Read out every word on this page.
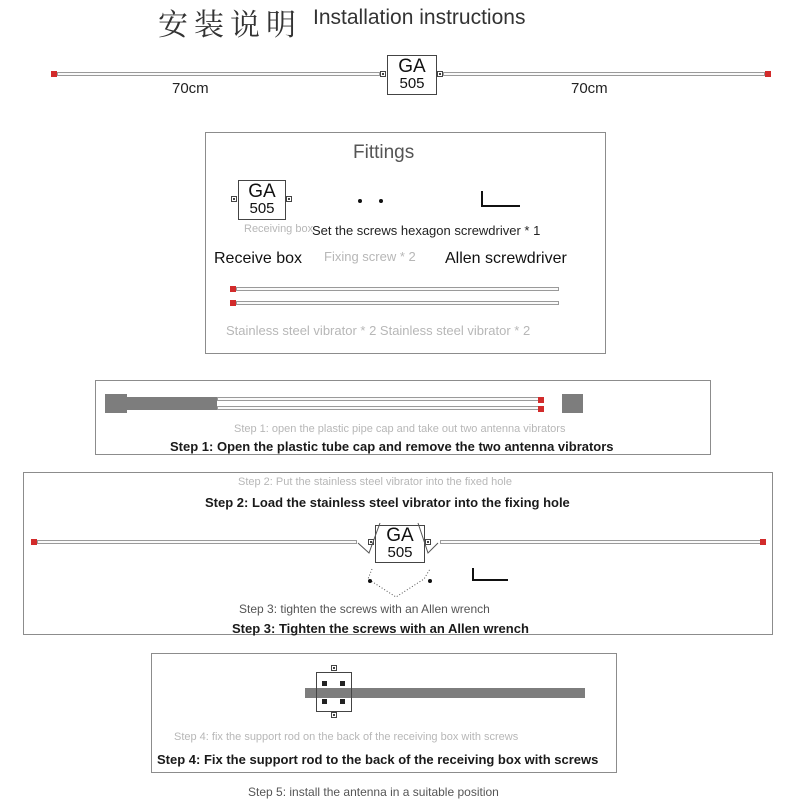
安装说明 Installation instructions
GA
505
70cm	70cm
Fittings
GA
505
Receiving box
Set the screws hexagon screwdriver * 1
Receive box Fixing screw * 2 Allen screwdriver
Stainless steel vibrator * 2 Stainless steel vibrator * 2
Step 1: open the plastic pipe cap and take out two antenna vibrators
Step 1: Open the plastic tube cap and remove the two antenna vibrators
Step 2: Put the stainless steel vibrator into the fixed hole
Step 2: Load the stainless steel vibrator into the fixing hole
GA
505
Step 3: tighten the screws with an Allen wrench
Step 3: Tighten the screws with an Allen wrench
Step 4: fix the support rod on the back of the receiving box with screws
Step 4: Fix the support rod to the back of the receiving box with screws
Step 5: install the antenna in a suitable position
